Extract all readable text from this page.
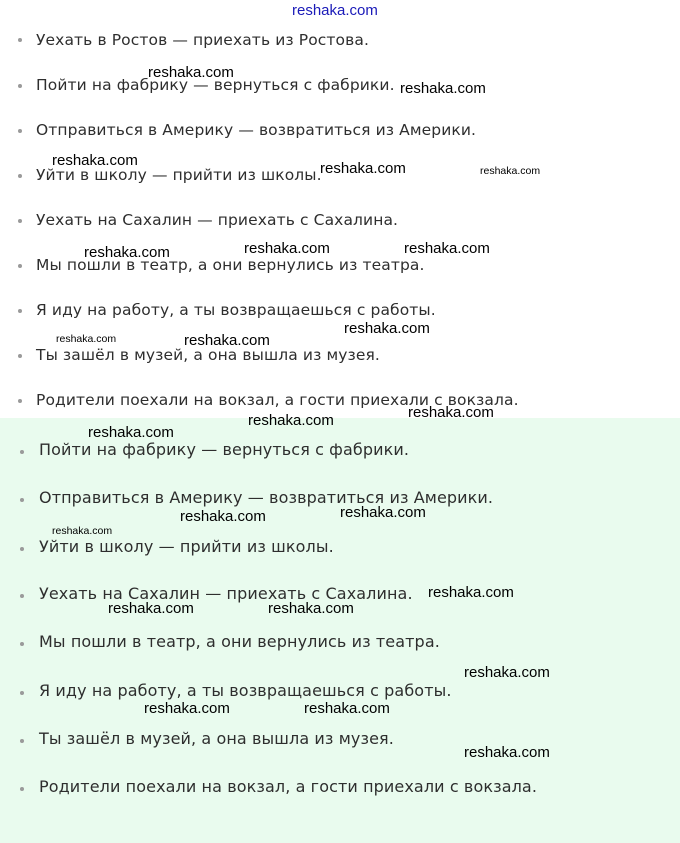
Уехать в Ростов — приехать из Ростова.
Пойти на фабрику — вернуться с фабрики.
Отправиться в Америку — возвратиться из Америки.
Уйти в школу — прийти из школы.
Уехать на Сахалин — приехать с Сахалина.
Мы пошли в театр, а они вернулись из театра.
Я иду на работу, а ты возвращаешься с работы.
Ты зашёл в музей, а она вышла из музея.
Родители поехали на вокзал, а гости приехали с вокзала.
Пойти на фабрику — вернуться с фабрики.
Отправиться в Америку — возвратиться из Америки.
Уйти в школу — прийти из школы.
Уехать на Сахалин — приехать с Сахалина.
Мы пошли в театр, а они вернулись из театра.
Я иду на работу, а ты возвращаешься с работы.
Ты зашёл в музей, а она вышла из музея.
Родители поехали на вокзал, а гости приехали с вокзала.
reshaka.com
reshaka.com
reshaka.com
reshaka.com	reshaka.com	reshaka.com
reshaka.com	reshaka.com	reshaka.com
reshaka.com
reshaka.com	reshaka.com
reshaka.com
reshaka.com
reshaka.com
reshaka.com	reshaka.com
reshaka.com
reshaka.com
reshaka.com	reshaka.com
reshaka.com
reshaka.com	reshaka.com
reshaka.com
